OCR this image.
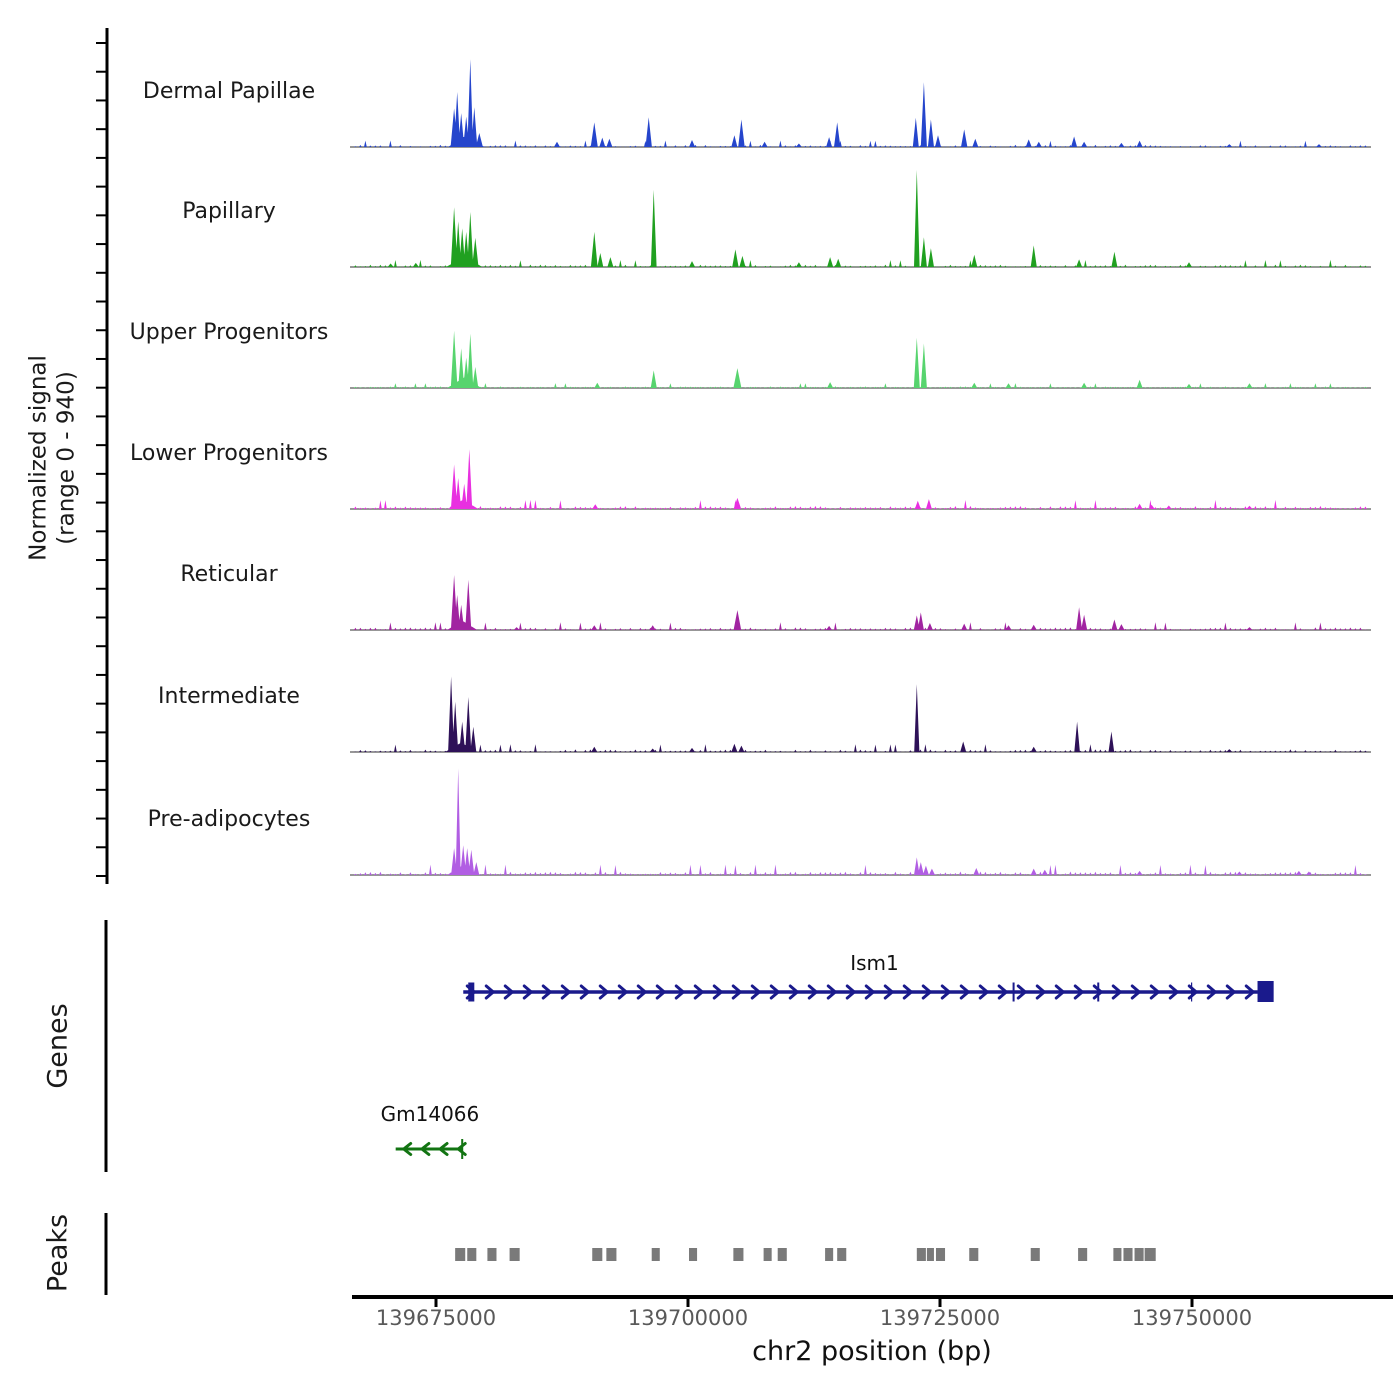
Normalized signal (range 0 - 940)
Genes
Peaks
Dermal Papillae
Papillary
Upper Progenitors
Lower Progenitors
Reticular
Intermediate
Pre-adipocytes
Ism1
Gm14066
139675000	139700000	139725000	139750000
chr2 position (bp)
